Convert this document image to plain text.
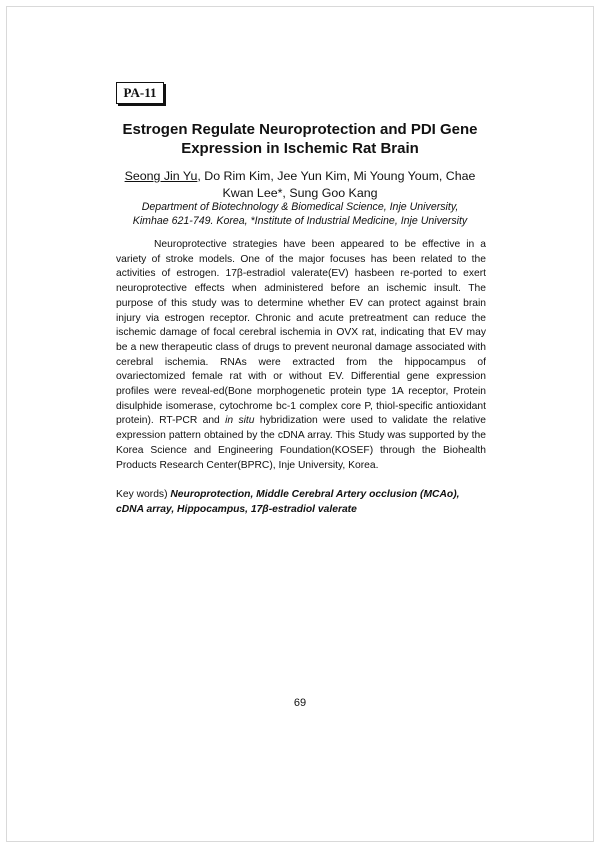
PA-11
Estrogen Regulate Neuroprotection and PDI Gene
Expression in Ischemic Rat Brain
Seong Jin Yu, Do Rim Kim, Jee Yun Kim, Mi Young Youm, Chae
Kwan Lee*, Sung Goo Kang
Department of Biotechnology & Biomedical Science, Inje University,
Kimhae 621-749. Korea, *Institute of Industrial Medicine, Inje University

Neuroprotective strategies have been appeared to be effective in a variety of stroke models. One of the major focuses has been related to the activities of estrogen. 17β-estradiol valerate(EV) hasbeen re-ported to exert neuroprotective effects when administered before an ischemic insult. The purpose of this study was to determine whether EV can protect against brain injury via estrogen receptor. Chronic and acute pretreatment can reduce the ischemic damage of focal cerebral ischemia in OVX rat, indicating that EV may be a new therapeutic class of drugs to prevent neuronal damage associated with cerebral ischemia. RNAs were extracted from the hippocampus of ovariectomized female rat with or without EV. Differential gene expression profiles were reveal-ed(Bone morphogenetic protein type 1A receptor, Protein disulphide isomerase, cytochrome bc-1 complex core P, thiol-specific antioxidant protein). RT-PCR and in situ hybridization were used to validate the relative expression pattern obtained by the cDNA array. This Study was supported by the Korea Science and Engineering Foundation(KOSEF) through the Biohealth Products Research Center(BPRC), Inje University, Korea.

Key words) Neuroprotection, Middle Cerebral Artery occlusion (MCAo),
cDNA array, Hippocampus, 17β-estradiol valerate

69
